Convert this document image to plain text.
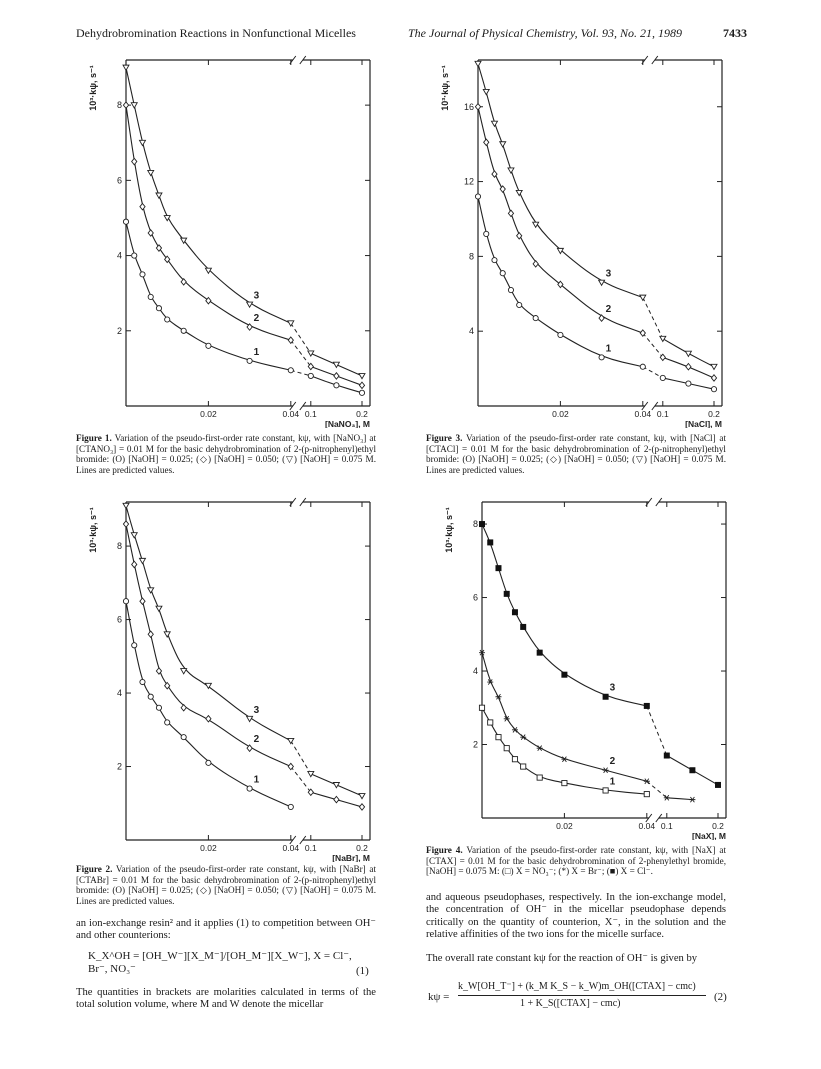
Dehydrobromination Reactions in Nonfunctional Micelles	The Journal of Physical Chemistry, Vol. 93, No. 21, 1989	7433
2
4
6
8
0.02	0.04 0.1	0.2
10³·kψ, s⁻¹
[NaNO₃], M
1
2
3
Figure 1. Variation of the pseudo-first-order rate constant, kψ, with [NaNO₃] at [CTANO₃] = 0.01 M for the basic dehydrobromination of 2-(p-nitrophenyl)ethyl bromide: (O) [NaOH] = 0.025; (◇) [NaOH] = 0.050; (▽) [NaOH] = 0.075 M. Lines are predicted values.
4
8
12
16
0.02	0.04 0.1	0.2
10³·kψ, s⁻¹
[NaCl], M
1
2
3
Figure 3. Variation of the pseudo-first-order rate constant, kψ, with [NaCl] at [CTACl] = 0.01 M for the basic dehydrobromination of 2-(p-nitrophenyl)ethyl bromide: (O) [NaOH] = 0.025; (◇) [NaOH] = 0.050; (▽) [NaOH] = 0.075 M. Lines are predicted values.
2
4
6
8
0.02	0.04 0.1	0.2
10³·kψ, s⁻¹
[NaBr], M
1
2
3
Figure 2. Variation of the pseudo-first-order rate constant, kψ, with [NaBr] at [CTABr] = 0.01 M for the basic dehydrobromination of 2-(p-nitrophenyl)ethyl bromide: (O) [NaOH] = 0.025; (◇) [NaOH] = 0.050; (▽) [NaOH] = 0.075 M. Lines are predicted values.
2
4
6
8
0.02	0.04 0.1	0.2
10³·kψ, s⁻¹
[NaX], M
1
2
3
Figure 4. Variation of the pseudo-first-order rate constant, kψ, with [NaX] at [CTAX] = 0.01 M for the basic dehydrobromination of 2-phenylethyl bromide, [NaOH] = 0.075 M: (□) X = NO₃⁻; (*) X = Br⁻; (■) X = Cl⁻.
an ion-exchange resin² and it applies (1) to competition between OH⁻ and other counterions:
K_X^OH = [OH_W⁻][X_M⁻]/[OH_M⁻][X_W⁻], X = Cl⁻, Br⁻, NO₃⁻	(1)
The quantities in brackets are molarities calculated in terms of the total solution volume, where M and W denote the micellar
and aqueous pseudophases, respectively. In the ion-exchange model, the concentration of OH⁻ in the micellar pseudophase depends critically on the quantity of counterion, X⁻, in the solution and the relative affinities of the two ions for the micelle surface.
The overall rate constant kψ for the reaction of OH⁻ is given by
kψ =
k_W[OH_T⁻] + (k_M K_S − k_W)m_OH([CTAX] − cmc)
1 + K_S([CTAX] − cmc)
(2)
